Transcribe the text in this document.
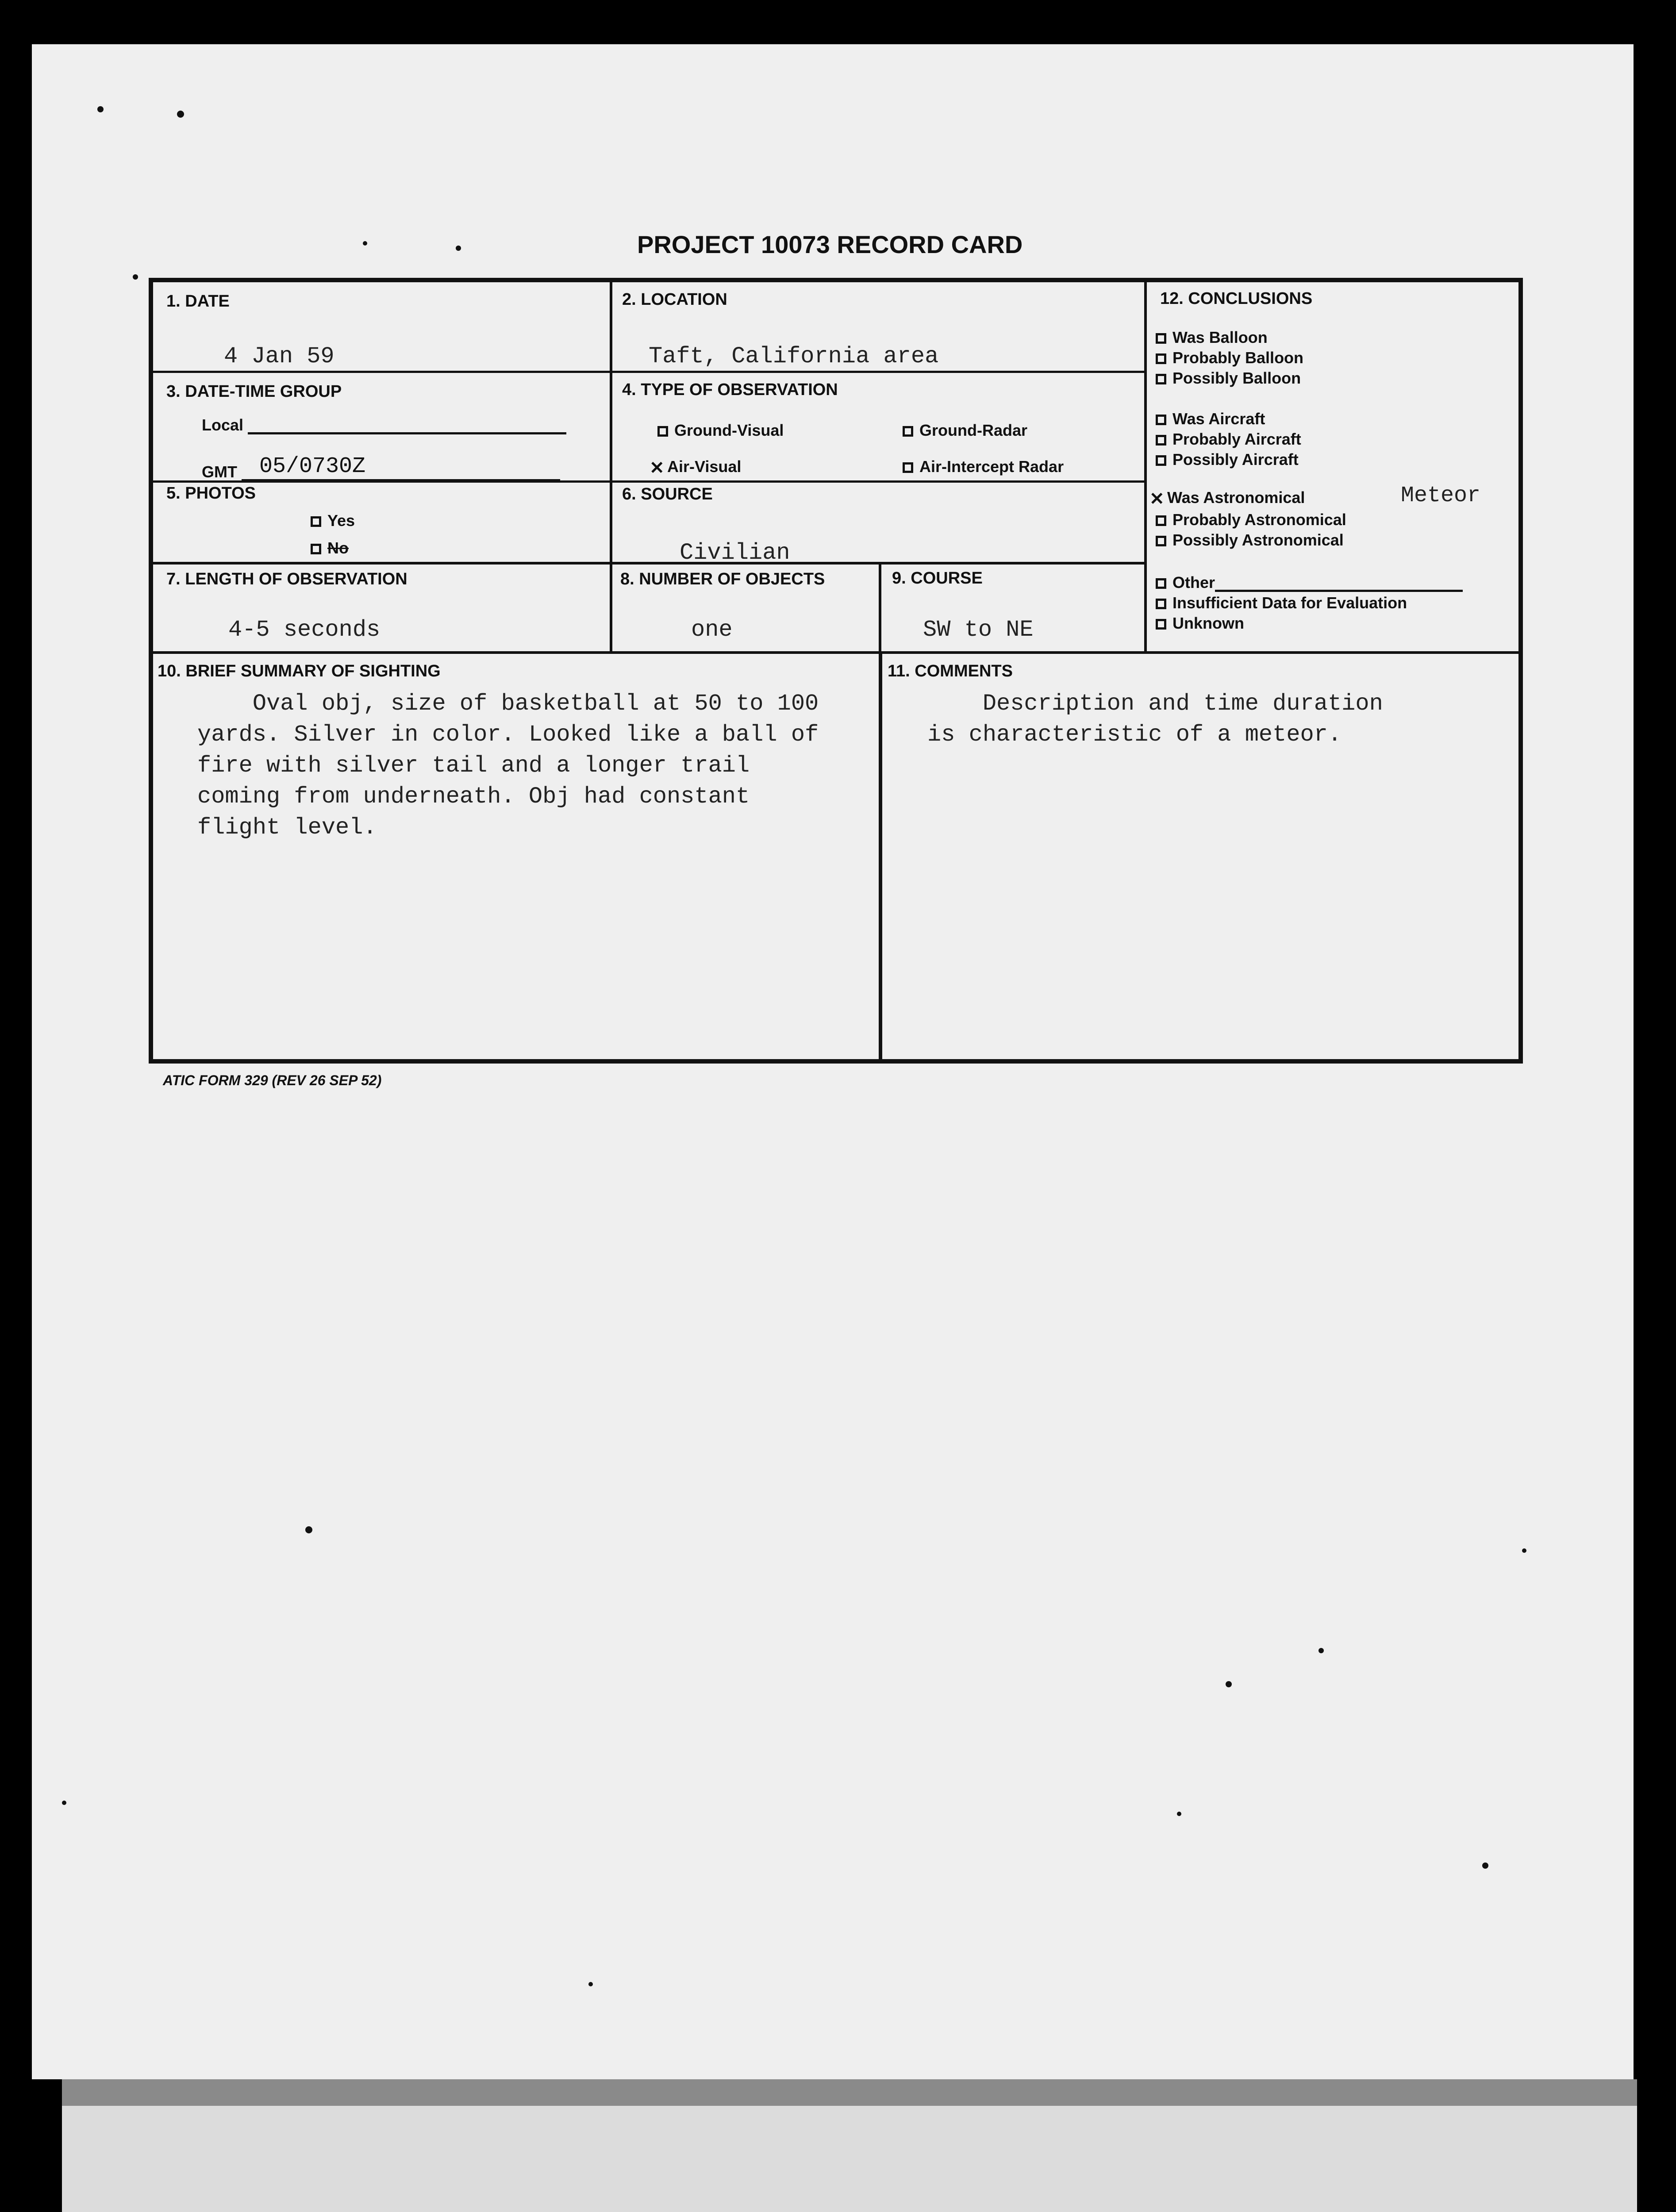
PROJECT 10073 RECORD CARD
1. DATE
4 Jan 59
2. LOCATION
Taft, California area
3. DATE-TIME GROUP
Local
GMT 05/0730Z
4. TYPE OF OBSERVATION
Ground-Visual	Ground-Radar
✕ Air-Visual	Air-Intercept Radar
5. PHOTOS
Yes
No
6. SOURCE
Civilian
7. LENGTH OF OBSERVATION
4-5 seconds
8. NUMBER OF OBJECTS
one
9. COURSE
SW to NE
10. BRIEF SUMMARY OF SIGHTING
Oval obj, size of basketball at 50 to 100
yards. Silver in color. Looked like a ball of
fire with silver tail and a longer trail
coming from underneath. Obj had constant
flight level.
11. COMMENTS
Description and time duration
is characteristic of a meteor.
12. CONCLUSIONS
Was Balloon
Probably Balloon
Possibly Balloon
Was Aircraft
Probably Aircraft
Possibly Aircraft
✕ Was Astronomical	Meteor
Probably Astronomical
Possibly Astronomical
Other
Insufficient Data for Evaluation
Unknown
ATIC FORM 329 (REV 26 SEP 52)
